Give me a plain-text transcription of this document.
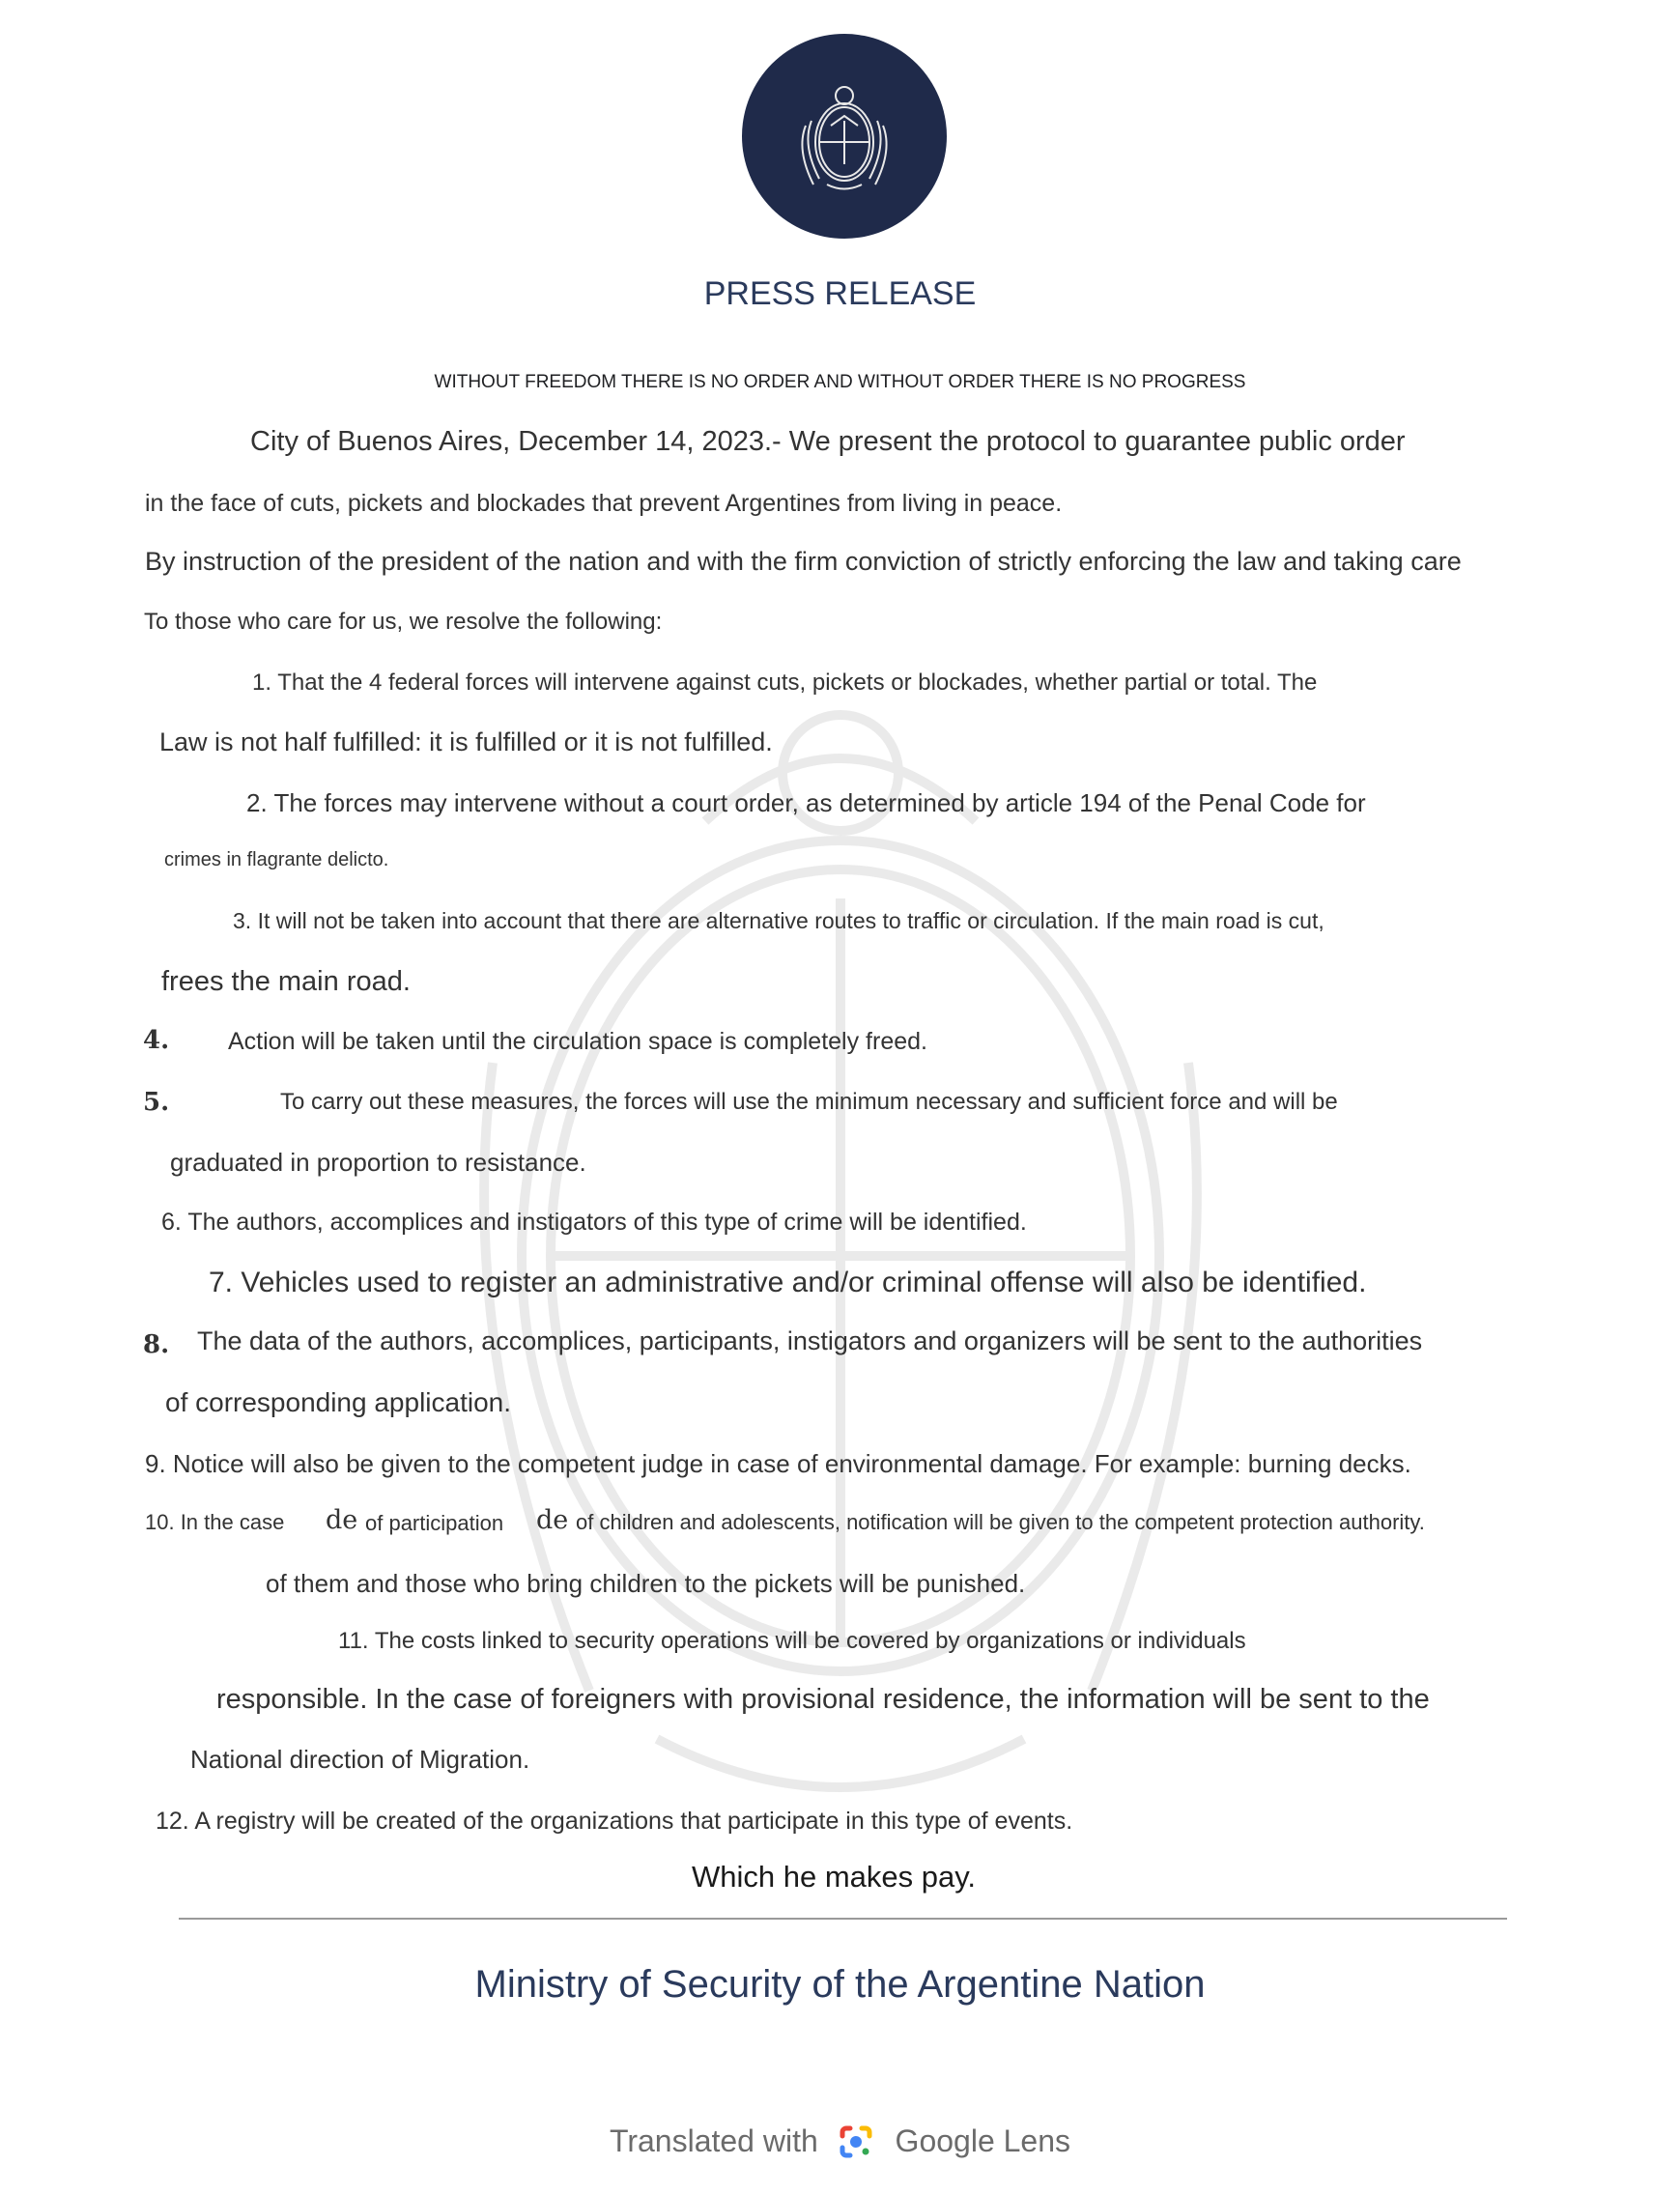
PRESS RELEASE
WITHOUT FREEDOM THERE IS NO ORDER AND WITHOUT ORDER THERE IS NO PROGRESS
City of Buenos Aires, December 14, 2023.- We present the protocol to guarantee public order
in the face of cuts, pickets and blockades that prevent Argentines from living in peace.
By instruction of the president of the nation and with the firm conviction of strictly enforcing the law and taking care
To those who care for us, we resolve the following:
1. That the 4 federal forces will intervene against cuts, pickets or blockades, whether partial or total. The
Law is not half fulfilled: it is fulfilled or it is not fulfilled.
2. The forces may intervene without a court order, as determined by article 194 of the Penal Code for
crimes in flagrante delicto.
3. It will not be taken into account that there are alternative routes to traffic or circulation. If the main road is cut,
frees the main road.
4. Action will be taken until the circulation space is completely freed.
5.	To carry out these measures, the forces will use the minimum necessary and sufficient force and will be
graduated in proportion to resistance.
6. The authors, accomplices and instigators of this type of crime will be identified.
7. Vehicles used to register an administrative and/or criminal offense will also be identified.
8. The data of the authors, accomplices, participants, instigators and organizers will be sent to the authorities
of corresponding application.
9. Notice will also be given to the competent judge in case of environmental damage. For example: burning decks.
10. In the case de of participation de of children and adolescents, notification will be given to the competent protection authority.
of them and those who bring children to the pickets will be punished.
11. The costs linked to security operations will be covered by organizations or individuals
responsible. In the case of foreigners with provisional residence, the information will be sent to the
National direction of Migration.
12. A registry will be created of the organizations that participate in this type of events.
Which he makes pay.
Ministry of Security of the Argentine Nation
Translated with Google Lens
